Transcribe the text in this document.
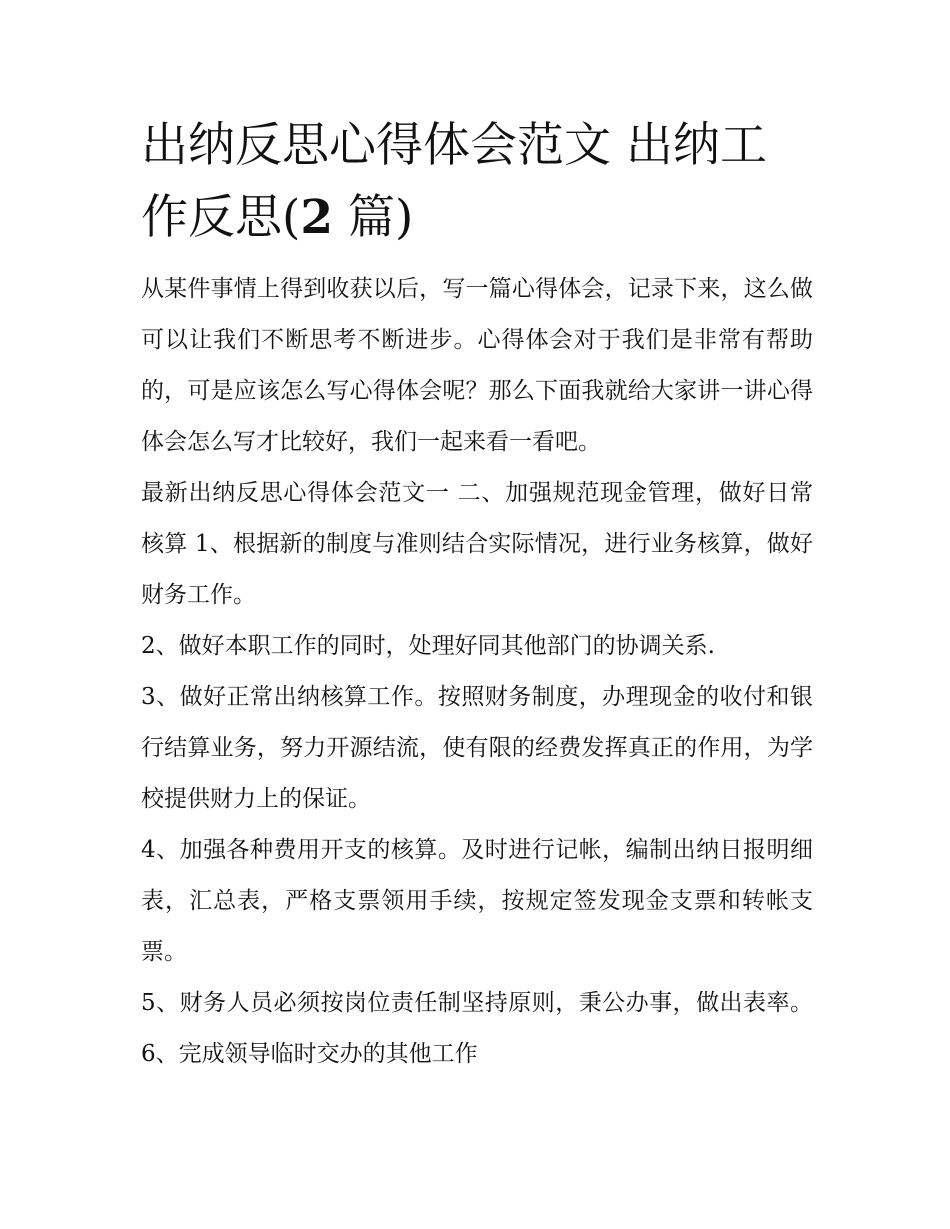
出纳反思心得体会范文 出纳工
作反思(2 篇)

从某件事情上得到收获以后，写一篇心得体会，记录下来，这么做可以让我们不断思考不断进步。心得体会对于我们是非常有帮助的，可是应该怎么写心得体会呢？那么下面我就给大家讲一讲心得体会怎么写才比较好，我们一起来看一看吧。

最新出纳反思心得体会范文一 二、加强规范现金管理，做好日常核算 1、根据新的制度与准则结合实际情况，进行业务核算，做好财务工作。

2、做好本职工作的同时，处理好同其他部门的协调关系.

3、做好正常出纳核算工作。按照财务制度，办理现金的收付和银行结算业务，努力开源结流，使有限的经费发挥真正的作用，为学校提供财力上的保证。

4、加强各种费用开支的核算。及时进行记帐，编制出纳日报明细表，汇总表，严格支票领用手续，按规定签发现金支票和转帐支票。

5、财务人员必须按岗位责任制坚持原则，秉公办事，做出表率。 6、完成领导临时交办的其他工作
